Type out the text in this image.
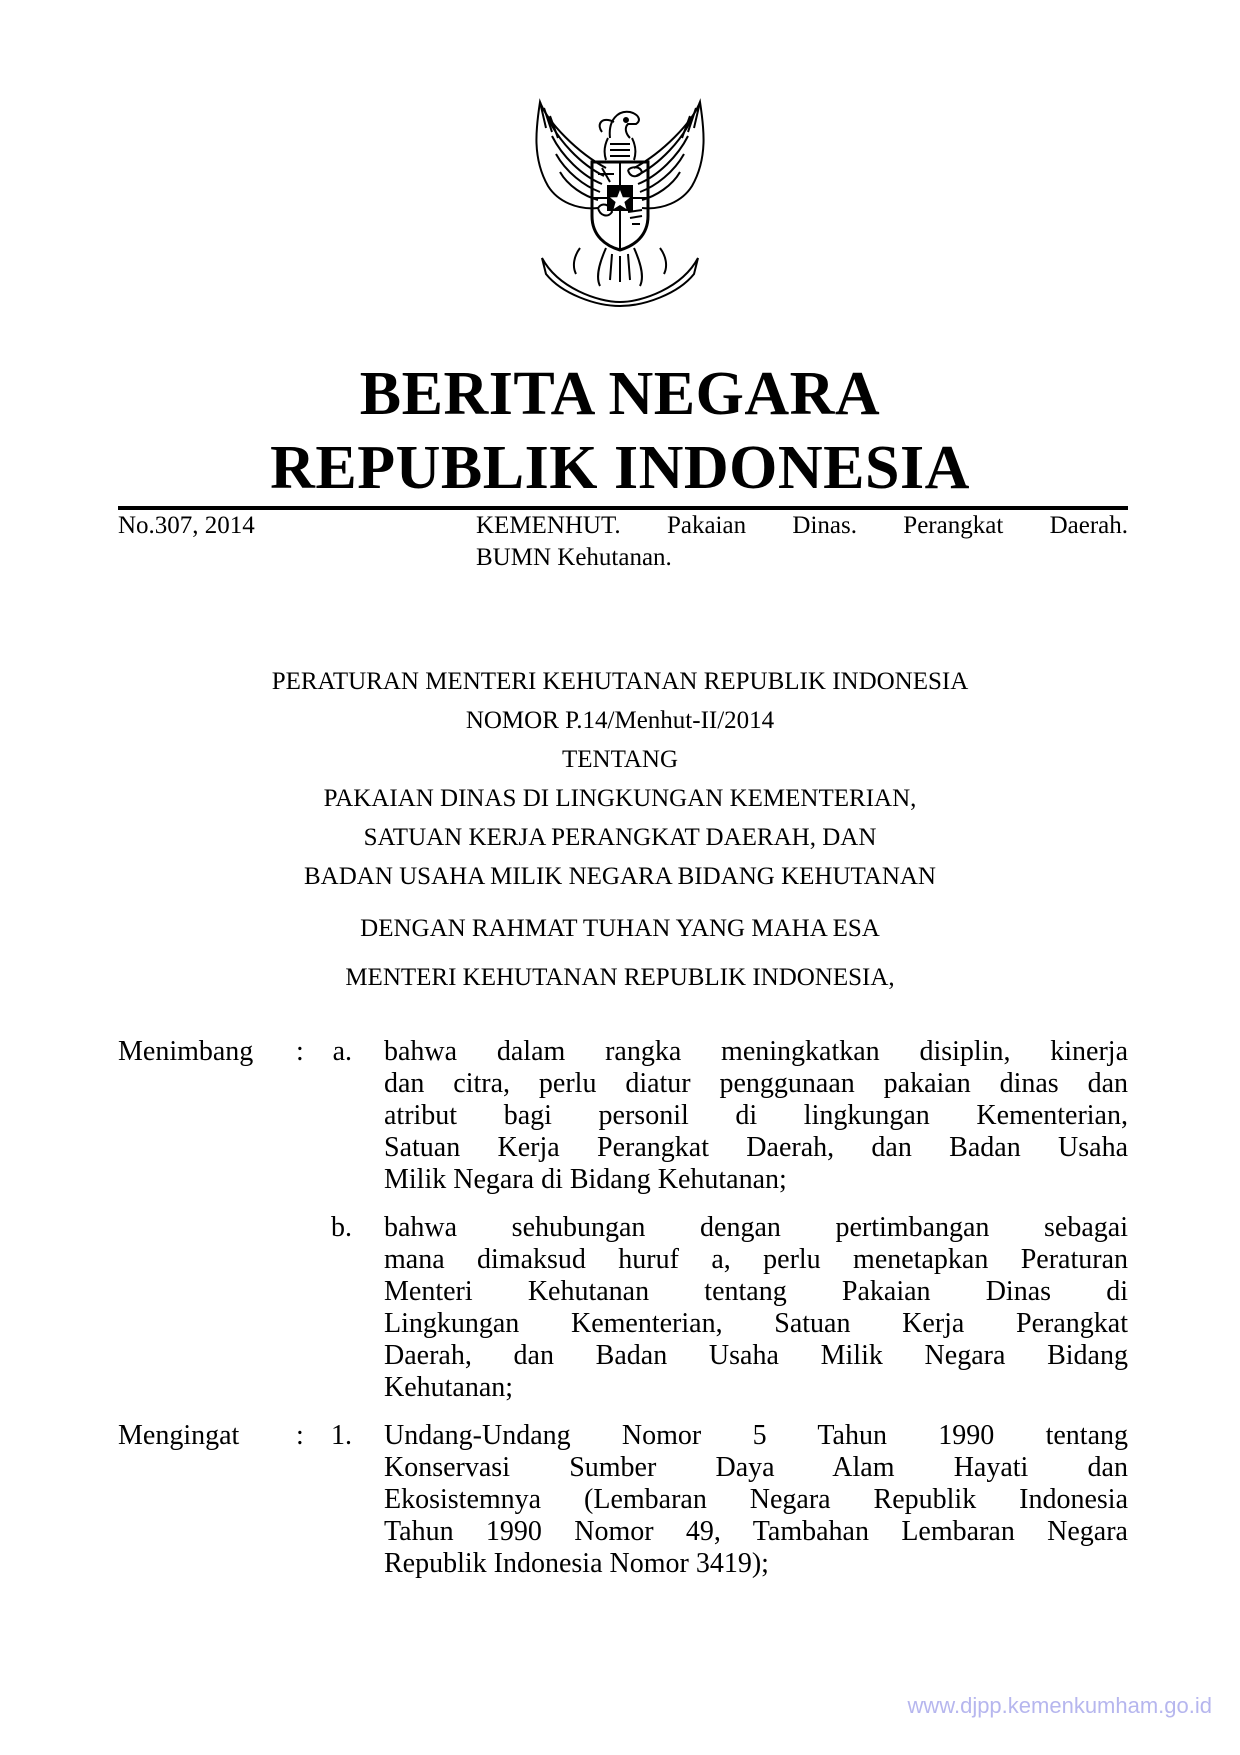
BERITA NEGARA
REPUBLIK INDONESIA
No.307, 2014	KEMENHUT. Pakaian Dinas. Perangkat Daerah.
BUMN Kehutanan.
PERATURAN MENTERI KEHUTANAN REPUBLIK INDONESIA
NOMOR P.14/Menhut-II/2014
TENTANG
PAKAIAN DINAS DI LINGKUNGAN KEMENTERIAN,
SATUAN KERJA PERANGKAT DAERAH, DAN
BADAN USAHA MILIK NEGARA BIDANG KEHUTANAN
DENGAN RAHMAT TUHAN YANG MAHA ESA
MENTERI KEHUTANAN REPUBLIK INDONESIA,
Menimbang :	a. bahwa dalam rangka meningkatkan disiplin, kinerja
dan citra, perlu diatur penggunaan pakaian dinas dan
atribut bagi personil di lingkungan Kementerian,
Satuan Kerja Perangkat Daerah, dan Badan Usaha
Milik Negara di Bidang Kehutanan;
b. bahwa sehubungan dengan pertimbangan sebagai
mana dimaksud huruf a, perlu menetapkan Peraturan
Menteri Kehutanan tentang Pakaian Dinas di
Lingkungan Kementerian, Satuan Kerja Perangkat
Daerah, dan Badan Usaha Milik Negara Bidang
Kehutanan;
Mengingat : 1. Undang-Undang Nomor 5 Tahun 1990 tentang
Konservasi Sumber Daya Alam Hayati dan
Ekosistemnya (Lembaran Negara Republik Indonesia
Tahun 1990 Nomor 49, Tambahan Lembaran Negara
Republik Indonesia Nomor 3419);
www.djpp.kemenkumham.go.id
